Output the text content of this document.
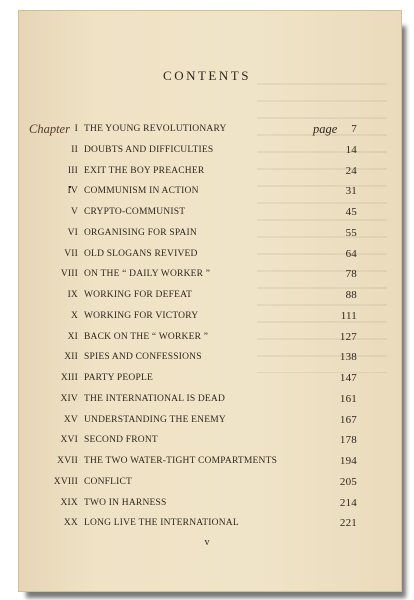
CONTENTS
Chapter	page
I THE YOUNG REVOLUTIONARY	7
II DOUBTS AND DIFFICULTIES	14
III EXIT THE BOY PREACHER	24
IV COMMUNISM IN ACTION	31
V CRYPTO-COMMUNIST	45
VI ORGANISING FOR SPAIN	55
VII OLD SLOGANS REVIVED	64
VIII ON THE “ DAILY WORKER ”	78
IX WORKING FOR DEFEAT	88
X WORKING FOR VICTORY	111
XI BACK ON THE “ WORKER ”	127
XII SPIES AND CONFESSIONS	138
XIII PARTY PEOPLE	147
XIV THE INTERNATIONAL IS DEAD	161
XV UNDERSTANDING THE ENEMY	167
XVI SECOND FRONT	178
XVII THE TWO WATER-TIGHT COMPARTMENTS	194
XVIII CONFLICT	205
XIX TWO IN HARNESS	214
XX LONG LIVE THE INTERNATIONAL	221
v
